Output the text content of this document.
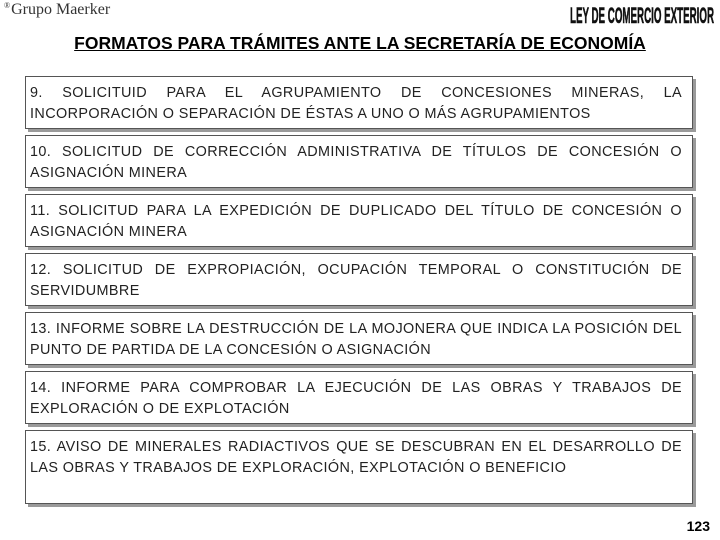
®Grupo Maerker	LEY DE COMERCIO EXTERIOR
FORMATOS PARA TRÁMITES ANTE LA SECRETARÍA DE ECONOMÍA
9. SOLICITUID PARA EL AGRUPAMIENTO DE CONCESIONES MINERAS, LA INCORPORACIÓN O SEPARACIÓN DE ÉSTAS A UNO O MÁS AGRUPAMIENTOS
10. SOLICITUD DE CORRECCIÓN ADMINISTRATIVA DE TÍTULOS DE CONCESIÓN O ASIGNACIÓN MINERA
11. SOLICITUD PARA LA EXPEDICIÓN DE DUPLICADO DEL TÍTULO DE CONCESIÓN O ASIGNACIÓN MINERA
12. SOLICITUD DE EXPROPIACIÓN, OCUPACIÓN TEMPORAL O CONSTITUCIÓN DE SERVIDUMBRE
13. INFORME SOBRE LA DESTRUCCIÓN DE LA MOJONERA QUE INDICA LA POSICIÓN DEL PUNTO DE PARTIDA DE LA CONCESIÓN O ASIGNACIÓN
14. INFORME PARA COMPROBAR LA EJECUCIÓN DE LAS OBRAS Y TRABAJOS DE EXPLORACIÓN O DE EXPLOTACIÓN
15. AVISO DE MINERALES RADIACTIVOS QUE SE DESCUBRAN EN EL DESARROLLO DE LAS OBRAS Y TRABAJOS DE EXPLORACIÓN, EXPLOTACIÓN O BENEFICIO
123
